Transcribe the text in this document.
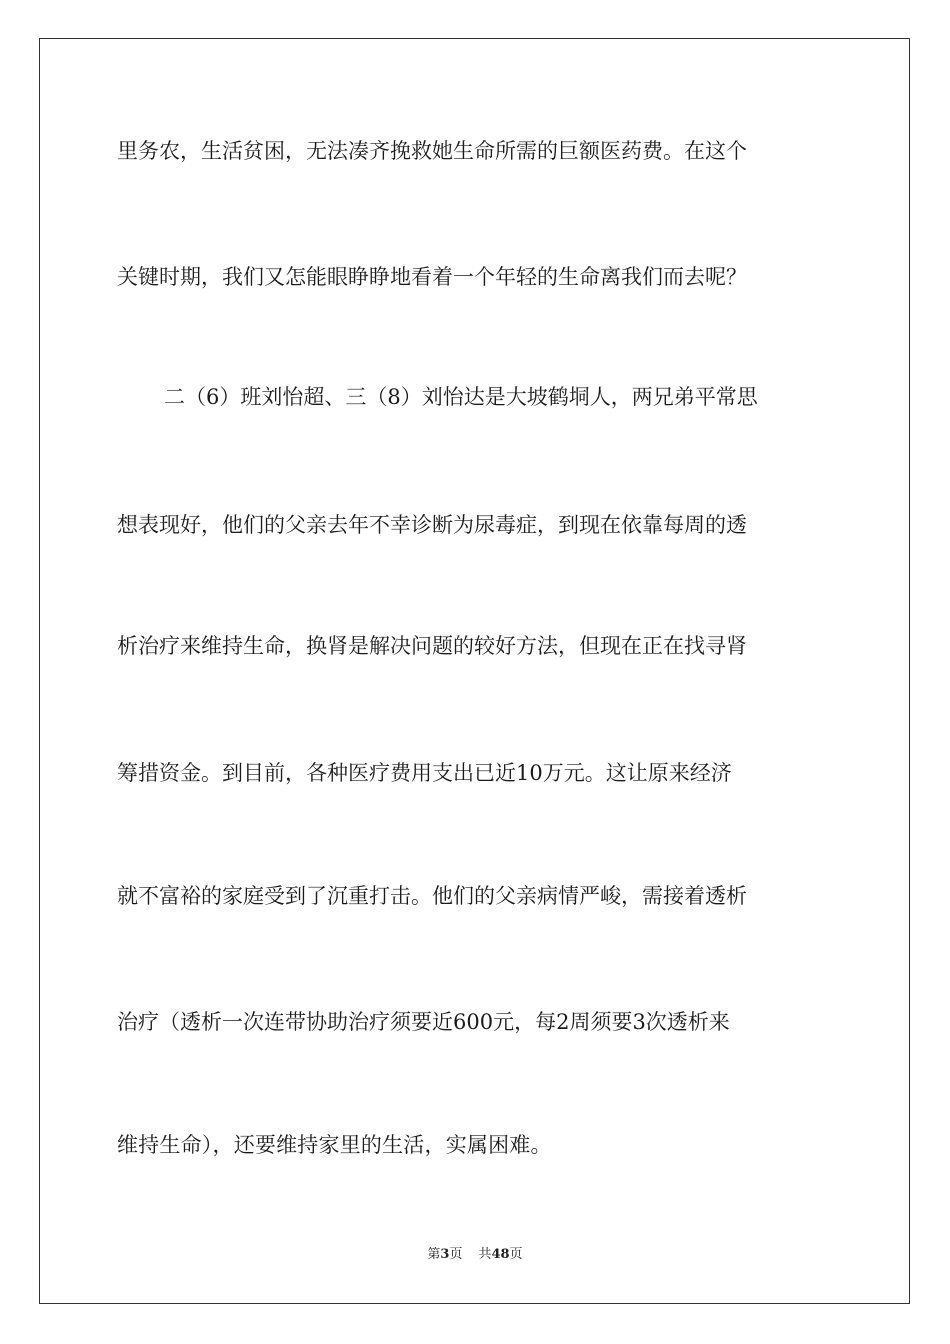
里务农，生活贫困，无法凑齐挽救她生命所需的巨额医药费。在这个
关键时期，我们又怎能眼睁睁地看着一个年轻的生命离我们而去呢？
二（6）班刘怡超、三（8）刘怡达是大坡鹤垌人，两兄弟平常思
想表现好，他们的父亲去年不幸诊断为尿毒症，到现在依靠每周的透
析治疗来维持生命，换肾是解决问题的较好方法，但现在正在找寻肾
筹措资金。到目前，各种医疗费用支出已近10万元。这让原来经济
就不富裕的家庭受到了沉重打击。他们的父亲病情严峻，需接着透析
治疗（透析一次连带协助治疗须要近600元，每2周须要3次透析来
维持生命），还要维持家里的生活，实属困难。
第3页 共48页
